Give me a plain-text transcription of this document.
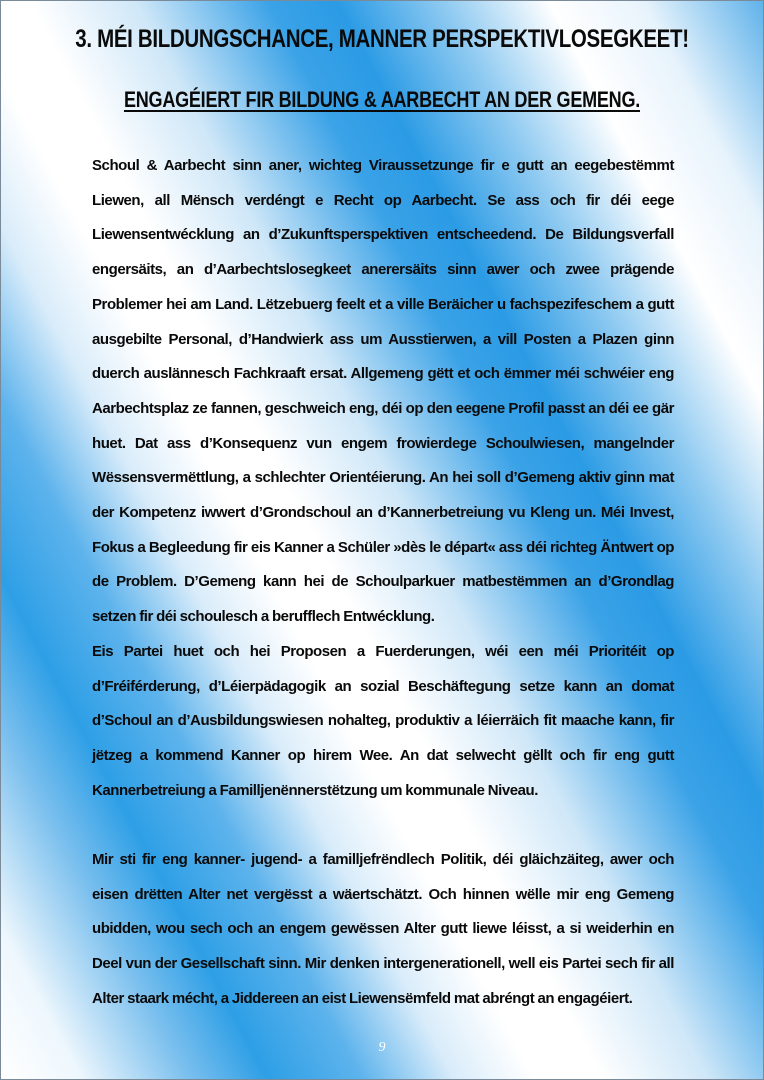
3. MÉI BILDUNGSCHANCE, MANNER PERSPEKTIVLOSEGKEET!
ENGAGÉIERT FIR BILDUNG & AARBECHT AN DER GEMENG.

Schoul & Aarbecht sinn aner, wichteg Viraussetzunge fir e gutt an eegebestëmmt Liewen, all Mënsch verdéngt e Recht op Aarbecht. Se ass och fir déi eege Liewensentwécklung an d’Zukunftsperspektiven entscheedend. De Bildungsverfall engersäits, an d’Aarbechtslosegkeet anerersäits sinn awer och zwee prägende Problemer hei am Land. Lëtzebuerg feelt et a ville Beräicher u fachspezifeschem a gutt ausgebilte Personal, d’Handwierk ass um Ausstierwen, a vill Posten a Plazen ginn duerch auslännesch Fachkraaft ersat. Allgemeng gëtt et och ëmmer méi schwéier eng Aarbechtsplaz ze fannen, geschweich eng, déi op den eegene Profil passt an déi ee gär huet. Dat ass d’Konsequenz vun engem frowierdege Schoulwiesen, mangelnder Wëssensvermëttlung, a schlechter Orientéierung. An hei soll d’Gemeng aktiv ginn mat der Kompetenz iwwert d’Grondschoul an d’Kannerbetreiung vu Kleng un. Méi Invest, Fokus a Begleedung fir eis Kanner a Schüler »dès le départ« ass déi richteg Äntwert op de Problem. D’Gemeng kann hei de Schoulparkuer matbestëmmen an d’Grondlag setzen fir déi schoulesch a berufflech Entwécklung.

Eis Partei huet och hei Proposen a Fuerderungen, wéi een méi Prioritéit op d’Fréiférderung, d’Léierpädagogik an sozial Beschäftegung setze kann an domat d’Schoul an d’Ausbildungswiesen nohalteg, produktiv a léierräich fit maache kann, fir jëtzeg a kommend Kanner op hirem Wee. An dat selwecht gëllt och fir eng gutt Kannerbetreiung a Familljenënnerstëtzung um kommunale Niveau.

Mir sti fir eng kanner- jugend- a familljefrëndlech Politik, déi gläichzäiteg, awer och eisen drëtten Alter net vergësst a wäertschätzt. Och hinnen wëlle mir eng Gemeng ubidden, wou sech och an engem gewëssen Alter gutt liewe léisst, a si weiderhin en Deel vun der Gesellschaft sinn. Mir denken intergenerationell, well eis Partei sech fir all Alter staark mécht, a Jiddereen an eist Liewensëmfeld mat abréngt an engagéiert.

9
